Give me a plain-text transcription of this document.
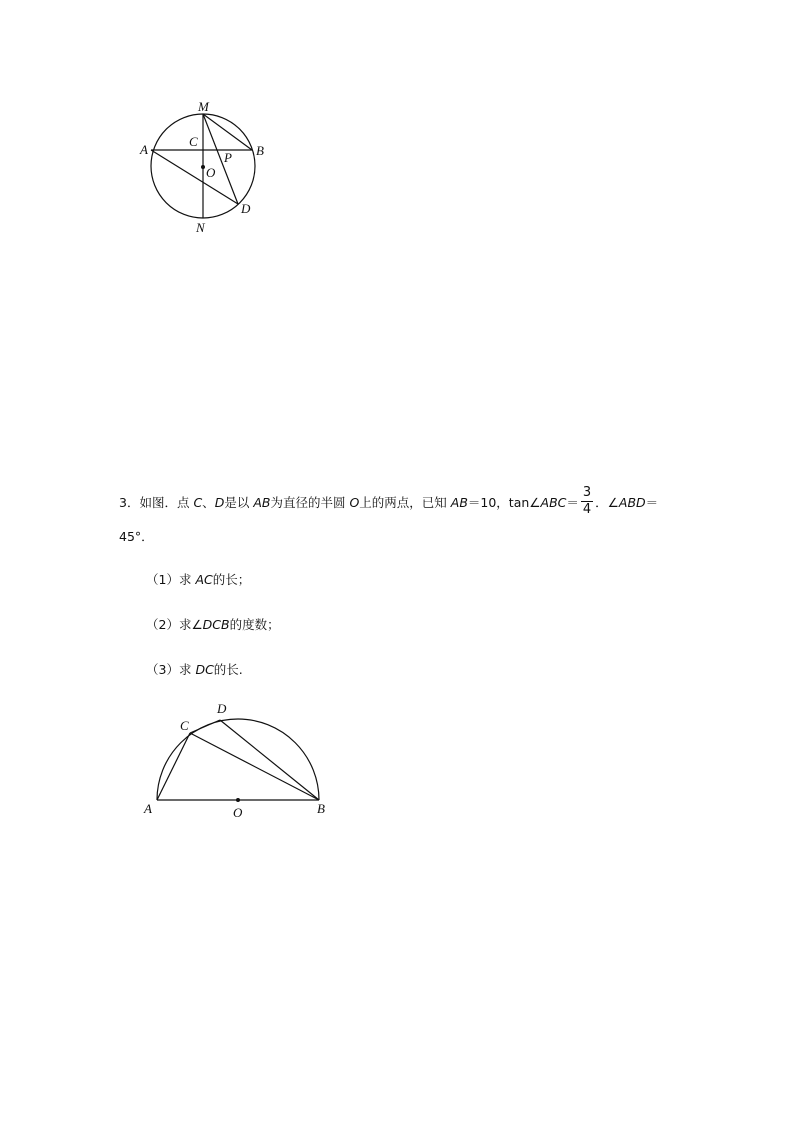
M
A	B
C
P
O
D
N
3．如图．点 C、D是以 AB为直径的半圆 O上的两点，已知 AB＝10，tan∠ABC＝ $\frac{3}{4}$ ．∠ABD＝
45°．
（1）求 AC的长；
（2）求∠DCB的度数；
（3）求 DC的长.
A	O	B
C
D
